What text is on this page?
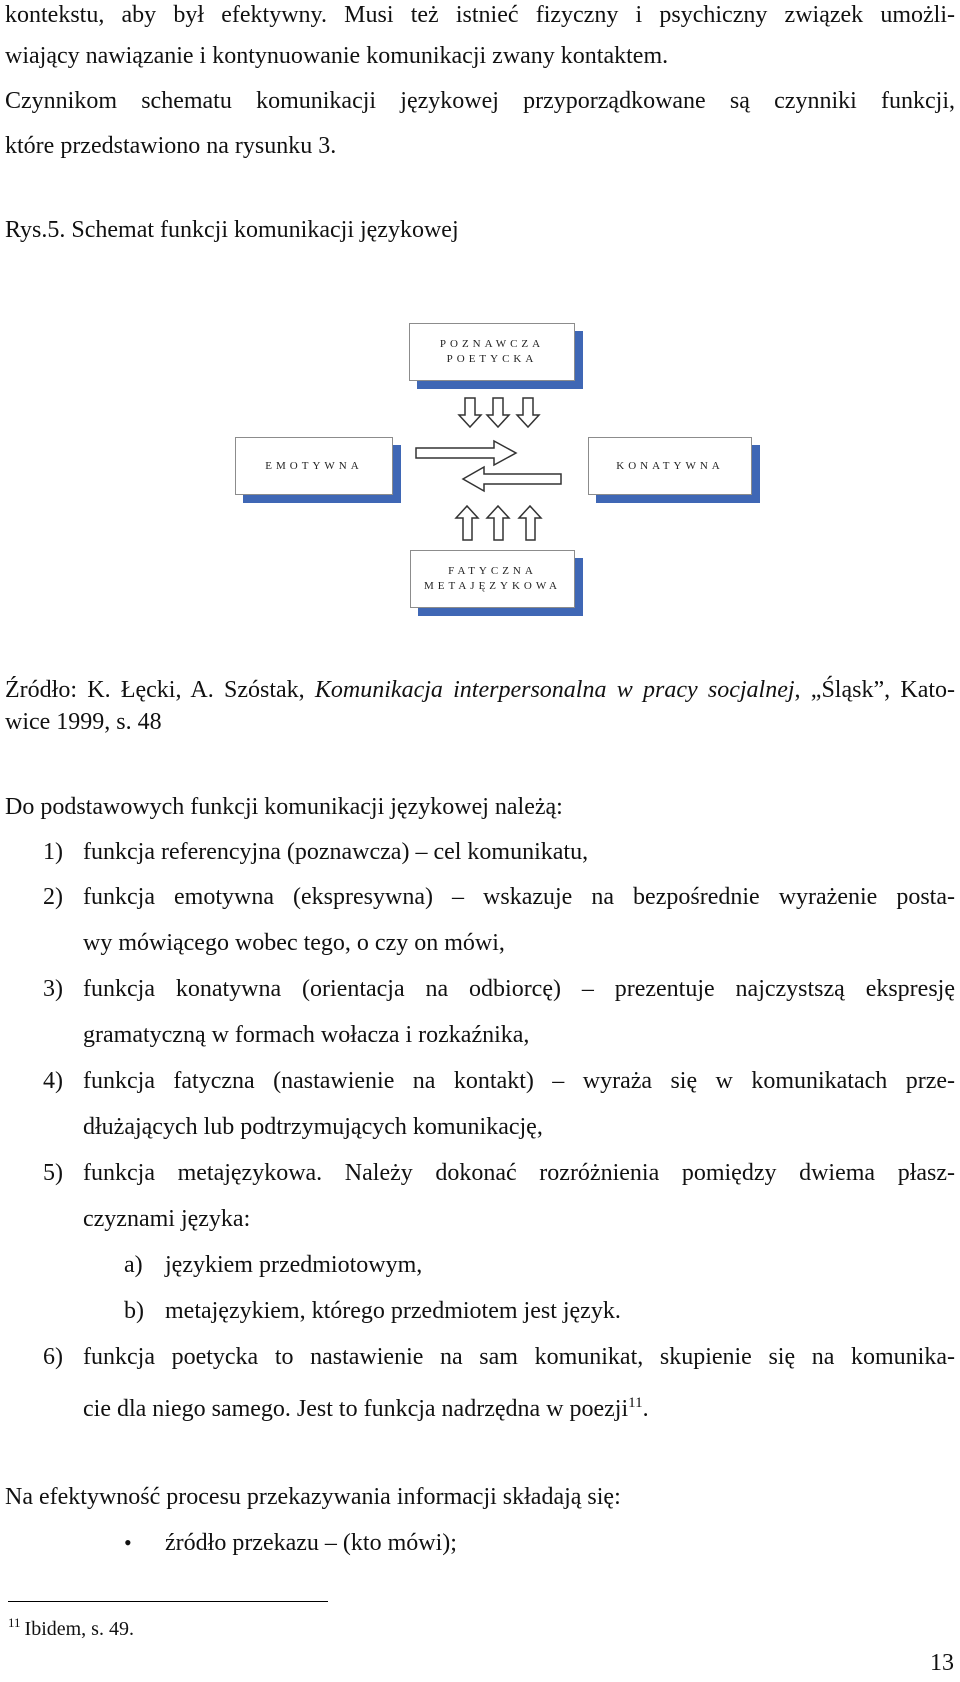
kontekstu, aby był efektywny. Musi też istnieć fizyczny i psychiczny związek umożli-
wiający nawiązanie i kontynuowanie komunikacji zwany kontaktem.
Czynnikom schematu komunikacji językowej przyporządkowane są czynniki funkcji,
które przedstawiono na rysunku 3.
Rys.5. Schemat funkcji komunikacji językowej
POZNAWCZA
POETYCKA
EMOTYWNA	KONATYWNA
FATYCZNA
METAJĘZYKOWA
Źródło: K. Łęcki, A. Szóstak, Komunikacja interpersonalna w pracy socjalnej, „Śląsk”, Kato-
wice 1999, s. 48
Do podstawowych funkcji komunikacji językowej należą:
1) funkcja referencyjna (poznawcza) – cel komunikatu,
2) funkcja emotywna (ekspresywna) – wskazuje na bezpośrednie wyrażenie posta-
wy mówiącego wobec tego, o czy on mówi,
3) funkcja konatywna (orientacja na odbiorcę) – prezentuje najczystszą ekspresję
gramatyczną w formach wołacza i rozkaźnika,
4) funkcja fatyczna (nastawienie na kontakt) – wyraża się w komunikatach prze-
dłużających lub podtrzymujących komunikację,
5) funkcja metajęzykowa. Należy dokonać rozróżnienia pomiędzy dwiema płasz-
czyznami języka:
a) językiem przedmiotowym,
b) metajęzykiem, którego przedmiotem jest język.
6) funkcja poetycka to nastawienie na sam komunikat, skupienie się na komunika-
cie dla niego samego. Jest to funkcja nadrzędna w poezji$^{11}$.
Na efektywność procesu przekazywania informacji składają się:
• źródło przekazu – (kto mówi);
$^{11}$ Ibidem, s. 49.
13
